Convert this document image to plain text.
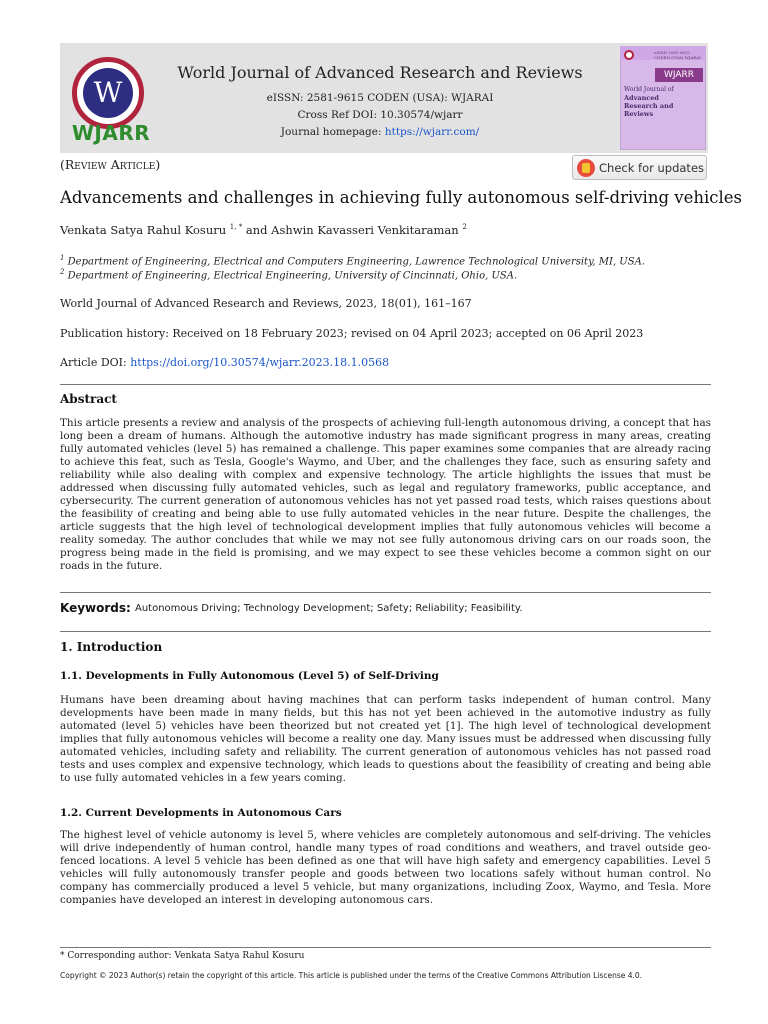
W
WJARR
World Journal of Advanced Research and Reviews
eISSN: 2581-9615 CODEN (USA): WJARAI
Cross Ref DOI: 10.30574/wjarr
Journal homepage: https://wjarr.com/
eISSN 2581-9615 CODEN (USA) WJARAI
WJARR
World Journal of
Advanced
Research and
Reviews
(Review Article)	Check for updates
Advancements and challenges in achieving fully autonomous self-driving vehicles
Venkata Satya Rahul Kosuru $^{1, *}$ and Ashwin Kavasseri Venkitaraman $^2$
$^1$ Department of Engineering, Electrical and Computers Engineering, Lawrence Technological University, MI, USA.
$^2$ Department of Engineering, Electrical Engineering, University of Cincinnati, Ohio, USA.
World Journal of Advanced Research and Reviews, 2023, 18(01), 161–167
Publication history: Received on 18 February 2023; revised on 04 April 2023; accepted on 06 April 2023
Article DOI: https://doi.org/10.30574/wjarr.2023.18.1.0568
Abstract

This article presents a review and analysis of the prospects of achieving full-length autonomous driving, a concept that has long been a dream of humans. Although the automotive industry has made significant progress in many areas, creating fully automated vehicles (level 5) has remained a challenge. This paper examines some companies that are already racing to achieve this feat, such as Tesla, Google's Waymo, and Uber, and the challenges they face, such as ensuring safety and reliability while also dealing with complex and expensive technology. The article highlights the issues that must be addressed when discussing fully automated vehicles, such as legal and regulatory frameworks, public acceptance, and cybersecurity. The current generation of autonomous vehicles has not yet passed road tests, which raises questions about the feasibility of creating and being able to use fully automated vehicles in the near future. Despite the challenges, the article suggests that the high level of technological development implies that fully autonomous vehicles will become a reality someday. The author concludes that while we may not see fully autonomous driving cars on our roads soon, the progress being made in the field is promising, and we may expect to see these vehicles become a common sight on our roads in the future.

Keywords: Autonomous Driving; Technology Development; Safety; Reliability; Feasibility.
1. Introduction
1.1. Developments in Fully Autonomous (Level 5) of Self-Driving

Humans have been dreaming about having machines that can perform tasks independent of human control. Many developments have been made in many fields, but this has not yet been achieved in the automotive industry as fully automated (level 5) vehicles have been theorized but not created yet [1]. The high level of technological development implies that fully autonomous vehicles will become a reality one day. Many issues must be addressed when discussing fully automated vehicles, including safety and reliability. The current generation of autonomous vehicles has not passed road tests and uses complex and expensive technology, which leads to questions about the feasibility of creating and being able to use fully automated vehicles in a few years coming.

1.2. Current Developments in Autonomous Cars

The highest level of vehicle autonomy is level 5, where vehicles are completely autonomous and self-driving. The vehicles will drive independently of human control, handle many types of road conditions and weathers, and travel outside geo-fenced locations. A level 5 vehicle has been defined as one that will have high safety and emergency capabilities. Level 5 vehicles will fully autonomously transfer people and goods between two locations safely without human control. No company has commercially produced a level 5 vehicle, but many organizations, including Zoox, Waymo, and Tesla. More companies have developed an interest in developing autonomous cars.

* Corresponding author: Venkata Satya Rahul Kosuru
Copyright © 2023 Author(s) retain the copyright of this article. This article is published under the terms of the Creative Commons Attribution Liscense 4.0.
